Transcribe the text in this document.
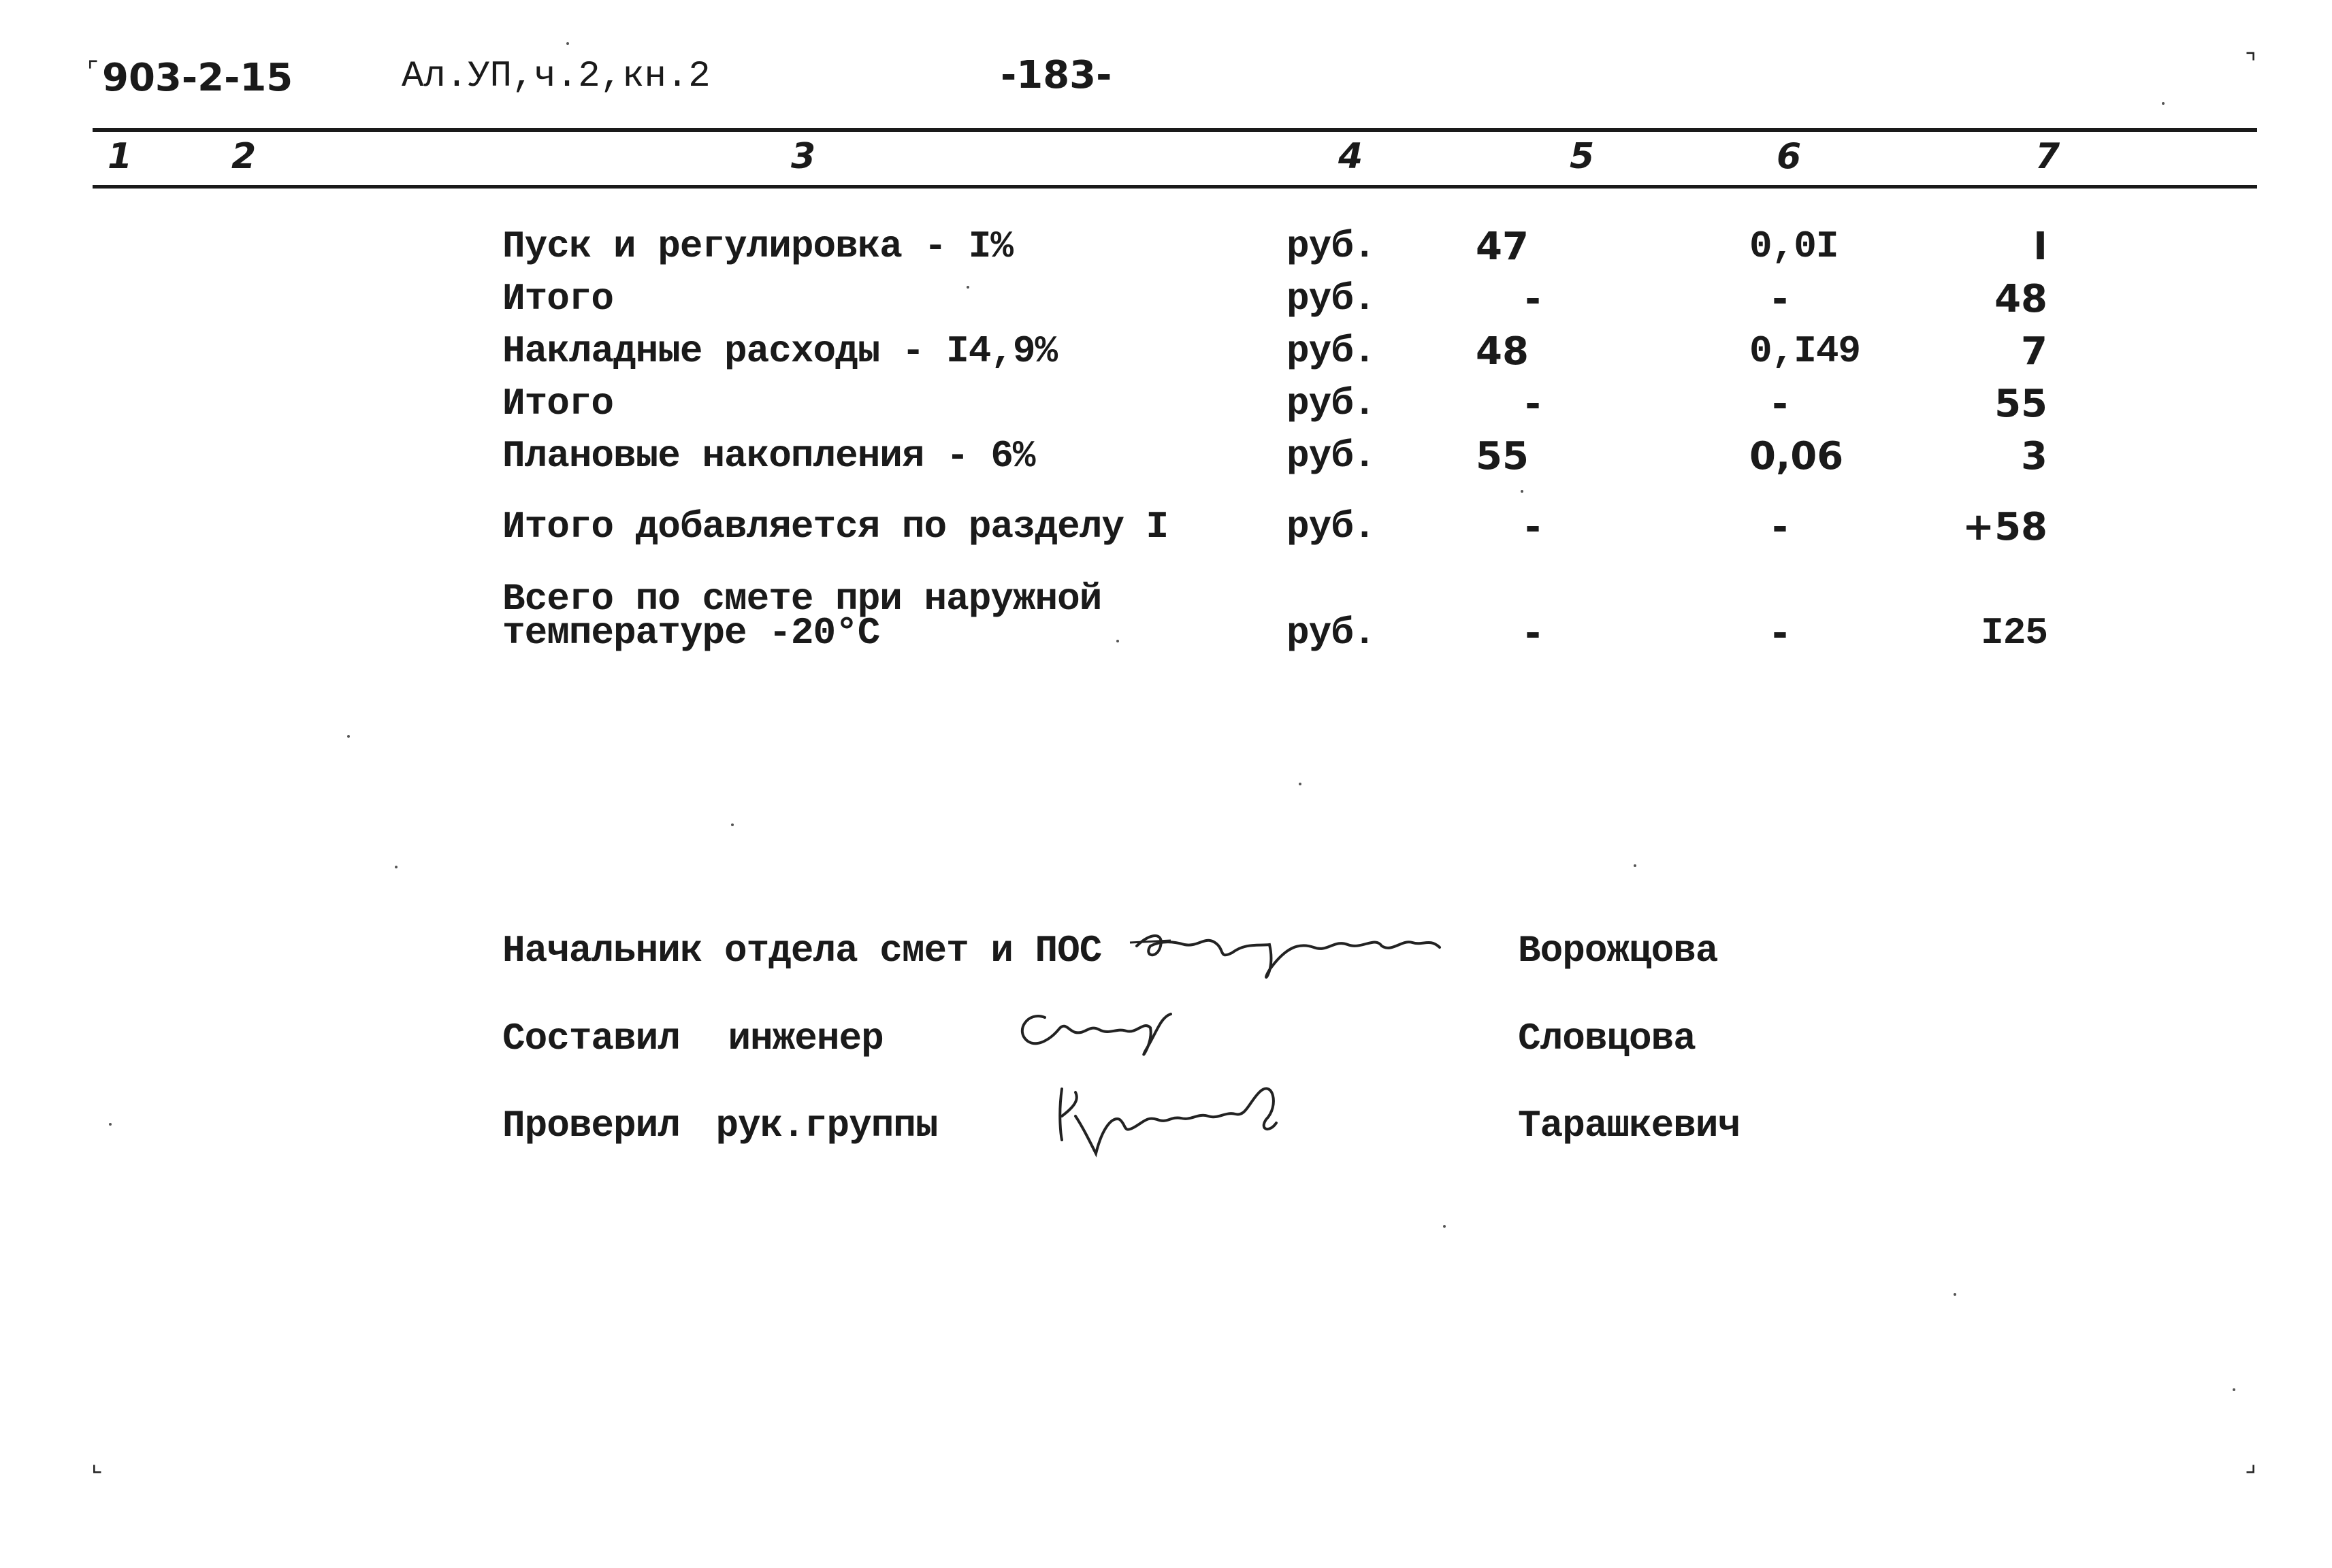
⌜	⌝
⌞	⌟
903-2-15	Ал.УП,ч.2,кн.2	-183-
1	2	3	4	5	6	7
Пуск и регулировка - I%	руб.	47	0,0I	I
Итого	руб.	-	-	48
Накладные расходы - I4,9%	руб.	48	0,I49	7
Итого	руб.	-	-	55
Плановые накопления - 6%	руб.	55	0,06	3
Итого добавляется по разделу I	руб.	-	-	+58
Всего по смете при наружной
температуре -20°С	руб.	-	-	I25
Начальник отдела смет и ПОС	Ворожцова
Составил инженер	Словцова
Проверил рук.группы	Тарашкевич
